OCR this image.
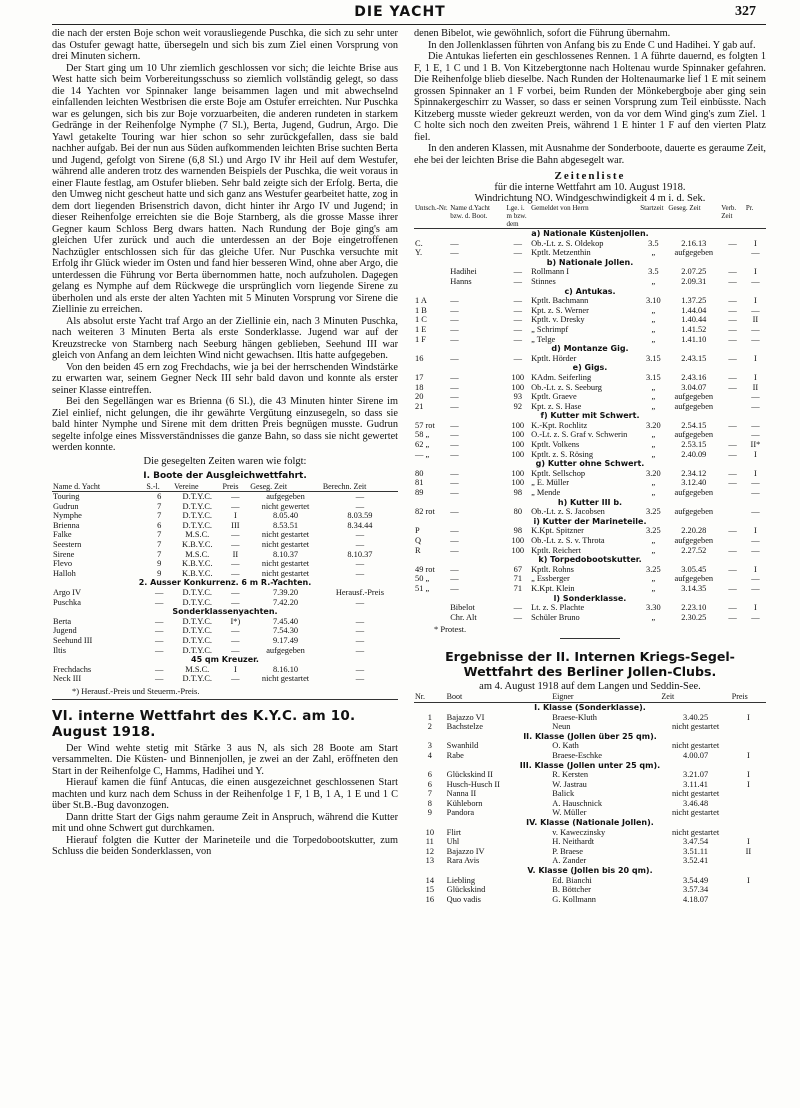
DIE YACHT	327

die nach der ersten Boje schon weit vorausliegende Puschka, die sich zu sehr unter das Ostufer gewagt hatte, übersegeln und sich bis zum Ziel einen Vorsprung von drei Minuten sichern.

Der Start ging um 10 Uhr ziemlich geschlossen vor sich; die leichte Brise aus West hatte sich beim Vorbereitungsschuss so ziemlich vollständig gelegt, so dass die 14 Yachten vor Spinnaker lange beisammen lagen und mit abwechselnd einfallenden leichten Westbrisen die erste Boje am Ostufer erreichten. Nur Puschka war es gelungen, sich bis zur Boje vorzuarbeiten, die anderen rundeten in starkem Gedränge in der Reihenfolge Nymphe (7 Sl.), Berta, Jugend, Gudrun, Argo. Die Yawl getakelte Touring war hier schon so sehr zurückgefallen, dass sie bald nachher aufgab. Bei der nun aus Süden aufkommenden leichten Brise suchten Berta und Jugend, gefolgt von Sirene (6,8 Sl.) und Argo IV ihr Heil auf dem Westufer, während alle anderen trotz des warnenden Beispiels der Puschka, die weit voraus in einer Flaute festlag, am Ostufer blieben. Sehr bald zeigte sich der Erfolg. Berta, die den Umweg nicht gescheut hatte und sich ganz ans Westufer gearbeitet hatte, zog in dem dort liegenden Brisenstrich davon, dicht hinter ihr Argo IV und Jugend; in dieser Reihenfolge erreichten sie die Boje Starnberg, als die grosse Masse ihrer Gegner kaum Schloss Berg dwars hatten. Nach Rundung der Boje ging's am gleichen Ufer zurück und auch die unterdessen an der Boje eingetroffenen Nachzügler entschlossen sich für das gleiche Ufer. Nur Puschka versuchte mit Erfolg ihr Glück wieder im Osten und fand hier besseren Wind, ohne aber Argo, die unterdessen die Führung vor Berta übernommen hatte, noch aufzuholen. Dagegen gelang es Nymphe auf dem Rückwege die ursprünglich vorn liegende Sirene zu überholen und als erste der alten Yachten mit 5 Minuten Vorsprung vor Sirene die Ziellinie zu erreichen.

Als absolut erste Yacht traf Argo an der Ziellinie ein, nach 3 Minuten Puschka, nach weiteren 3 Minuten Berta als erste Sonderklasse. Jugend war auf der Kreuzstrecke von Starnberg nach Seeburg hängen geblieben, Seehund III war gleich von Anfang an dem leichten Wind nicht gewachsen. Iltis hatte aufgegeben.

Von den beiden 45 ern zog Frechdachs, wie ja bei der herrschenden Windstärke zu erwarten war, seinem Gegner Neck III sehr bald davon und konnte als erster seiner Klasse eintreffen.

Bei den Segellängen war es Brienna (6 Sl.), die 43 Minuten hinter Sirene im Ziel einlief, nicht gelungen, die ihr gewährte Vergütung einzusegeln, so dass sie bald hinter Nymphe und Sirene mit dem dritten Preis begnügen musste. Gudrun segelte infolge eines Missverständnisses die ganze Bahn, so dass sie nicht gewertet werden konnte.

Die gesegelten Zeiten waren wie folgt:
I. Boote der Ausgleichwettfahrt.
Name d. Yacht	S.-l.	Vereine	Preis	Geseg. Zeit	Berechn. Zeit
Touring	6	D.T.Y.C.	—	aufgegeben	—
Gudrun	7	D.T.Y.C.	—	nicht gewertet	—
Nymphe	7	D.T.Y.C.	I	8.05.40	8.03.59
Brienna	6	D.T.Y.C.	III	8.53.51	8.34.44
Falke	7	M.S.C.	—	nicht gestartet	—
Seestern	7	K.B.Y.C.	—	nicht gestartet	—
Sirene	7	M.S.C.	II	8.10.37	8.10.37
Flevo	9	K.B.Y.C.	—	nicht gestartet	—
Halloh	9	K.B.Y.C.	—	nicht gestartet	—
2. Ausser Konkurrenz. 6 m R.-Yachten.					
Argo IV	—	D.T.Y.C.	—	7.39.20	Herausf.-Preis
Puschka	—	D.T.Y.C.	—	7.42.20	—
Sonderklassenyachten.					
Berta	—	D.T.Y.C.	I*)	7.45.40	—
Jugend	—	D.T.Y.C.	—	7.54.30	—
Seehund III	—	D.T.Y.C.	—	9.17.49	—
Iltis	—	D.T.Y.C.	—	aufgegeben	—
45 qm Kreuzer.					
Frechdachs	—	M.S.C.	I	8.16.10	—
Neck III	—	D.T.Y.C.	—	nicht gestartet	—
*) Herausf.-Preis und Steuerm.-Preis.
VI. interne Wettfahrt des K.Y.C. am 10. August 1918.

Der Wind wehte stetig mit Stärke 3 aus N, als sich 28 Boote am Start versammelten. Die Küsten- und Binnenjollen, je zwei an der Zahl, eröffneten den Start in der Reihenfolge C, Hamms, Hadihei und Y.

Hierauf kamen die fünf Antucas, die einen ausgezeichnet geschlossenen Start machten und kurz nach dem Schuss in der Reihenfolge 1 F, 1 B, 1 A, 1 E und 1 C über St.B.-Bug davonzogen.

Dann dritte Start der Gigs nahm geraume Zeit in Anspruch, während die Kutter mit und ohne Schwert gut durchkamen.

Hierauf folgten die Kutter der Marineteile und die Torpedobootskutter, zum Schluss die beiden Sonderklassen, von

denen Bibelot, wie gewöhnlich, sofort die Führung übernahm.

In den Jollenklassen führten von Anfang bis zu Ende C und Hadihei. Y gab auf.

Die Antukas lieferten ein geschlossenes Rennen. 1 A führte dauernd, es folgten 1 F, 1 E, 1 C und 1 B. Von Kitzebergtonne nach Holtenau wurde Spinnaker gefahren. Die Reihenfolge blieb dieselbe. Nach Runden der Holtenaumarke lief 1 E mit seinem grossen Spinnaker an 1 F vorbei, beim Runden der Mönkebergboje aber ging sein Spinnakergeschirr zu Wasser, so dass er seinen Vorsprung zum Teil einbüsste. Nach Kitzeberg musste wieder gekreuzt werden, von da vor dem Wind ging's zum Ziel. 1 C holte sich noch den zweiten Preis, während 1 E hinter 1 F auf den vierten Platz fiel.

In den anderen Klassen, mit Ausnahme der Sonderboote, dauerte es geraume Zeit, ehe bei der leichten Brise die Bahn abgesegelt war.

Zeitenliste
für die interne Wettfahrt am 10. August 1918.
Windrichtung NO. Windgeschwindigkeit 4 m i. d. Sek.
Untsch.-Nr.	Name d.Yacht bzw. d. Boot.	Lge. i. m bzw. dem	Gemeldet von Herrn	Startzeit	Geseg. Zeit	Verb. Zeit	Pr.
a) Nationale Küstenjollen.							
C.	—	—	Ob.-Lt. z. S. Oldekop	3.5	2.16.13	—	I
Y.	—	—	Kptlt. Metzenthin	„	aufgegeben		—
b) Nationale Jollen.							
	Hadihei	—	Rollmann I	3.5	2.07.25	—	I
	Hanns	—	Stinnes	„	2.09.31	—	—
c) Antukas.							
1 A	—	—	Kptlt. Bachmann	3.10	1.37.25	—	I
1 B	—	—	Kpt. z. S. Werner	„	1.44.04	—	—
1 C	—	—	Kptlt. v. Dresky	„	1.40.44	—	II
1 E	—	—	„ Schrimpf	„	1.41.52	—	—
1 F	—	—	„ Telge	„	1.41.10	—	—
d) Montanze Gig.							
16	—	—	Kptlt. Hörder	3.15	2.43.15	—	I
e) Gigs.							
17	—	100	KAdm. Seiferling	3.15	2.43.16	—	I
18	—	100	Ob.-Lt. z. S. Seeburg	„	3.04.07	—	II
20	—	93	Kptlt. Graeve	„	aufgegeben		—
21	—	92	Kpt. z. S. Hase	„	aufgegeben		—
f) Kutter mit Schwert.							
57 rot	—	100	K.-Kpt. Rochlitz	3.20	2.54.15	—	—
58 „	—	100	O.-Lt. z. S. Graf v. Schwerin	„	aufgegeben		—
62 „	—	100	Kptlt. Volkens	„	2.53.15	—	II*
— „	—	100	Kptlt. z. S. Rösing	„	2.40.09	—	I
g) Kutter ohne Schwert.							
80	—	100	Kptlt. Sellschop	3.20	2.34.12	—	I
81	—	100	„ E. Müller	„	3.12.40	—	—
89	—	98	„ Mende	„	aufgegeben		—
h) Kutter III b.							
82 rot	—	80	Ob.-Lt. z. S. Jacobsen	3.25	aufgegeben		—
i) Kutter der Marineteile.							
P	—	98	K.Kpt. Spitzner	3.25	2.20.28	—	I
Q	—	100	Ob.-Lt. z. S. v. Throta	„	aufgegeben		—
R	—	100	Kptlt. Reichert	„	2.27.52	—	—
k) Torpedobootskutter.							
49 rot	—	67	Kptlt. Rohns	3.25	3.05.45	—	I
50 „	—	71	„ Essberger	„	aufgegeben		—
51 „	—	71	K.Kpt. Klein	„	3.14.35	—	—
l) Sonderklasse.							
	Bibelot	—	Lt. z. S. Plachte	3.30	2.23.10	—	I
	Chr. Alt	—	Schüler Bruno	„	2.30.25	—	—
* Protest.
Ergebnisse der II. Internen Kriegs-Segel-Wettfahrt des Berliner Jollen-Clubs.
am 4. August 1918 auf dem Langen und Seddin-See.
Nr.	Boot	Eigner	Zeit	Preis
I. Klasse (Sonderklasse).				
1	Bajazzo VI	Braese-Kluth	3.40.25	I
2	Bachstelze	Neun	nicht gestartet	
II. Klasse (Jollen über 25 qm).				
3	Swanhild	O. Kath	nicht gestartet	
4	Rabe	Braese-Eschke	4.00.07	I
III. Klasse (Jollen unter 25 qm).				
6	Glückskind II	R. Kersten	3.21.07	I
6	Husch-Husch II	W. Jastrau	3.11.41	I
7	Nanna II	Balick	nicht gestartet	
8	Kühleborn	A. Hauschnick	3.46.48	
9	Pandora	W. Müller	nicht gestartet	
IV. Klasse (Nationale Jollen).				
10	Flirt	v. Kaweczinsky	nicht gestartet	
11	Uhl	H. Neithardt	3.47.54	I
12	Bajazzo IV	P. Braese	3.51.11	II
13	Rara Avis	A. Zander	3.52.41	
V. Klasse (Jollen bis 20 qm).				
14	Liebling	Ed. Bianchi	3.54.49	I
15	Glückskind	B. Böttcher	3.57.34	
16	Quo vadis	G. Kollmann	4.18.07	
